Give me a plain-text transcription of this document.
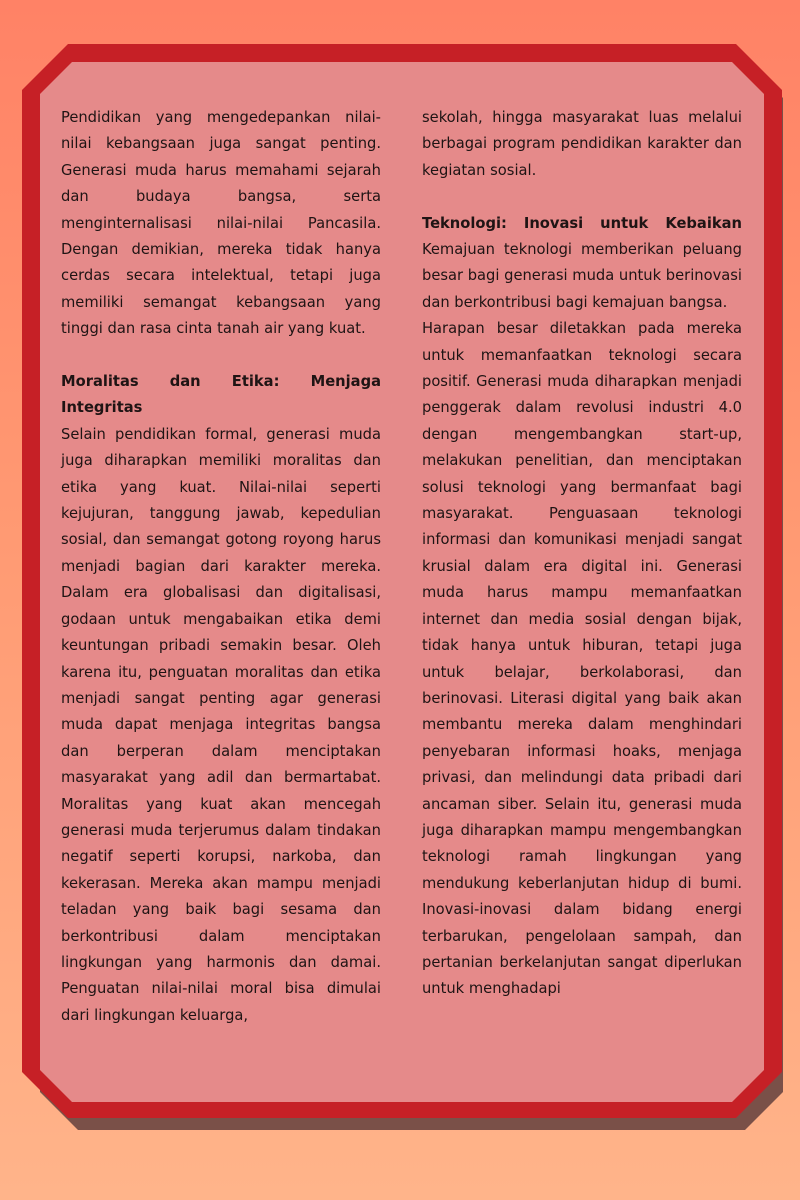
Pendidikan yang mengedepankan nilai-nilai kebangsaan juga sangat penting. Generasi muda harus memahami sejarah dan budaya bangsa, serta menginternalisasi nilai-nilai Pancasila. Dengan demikian, mereka tidak hanya cerdas secara intelektual, tetapi juga memiliki semangat kebangsaan yang tinggi dan rasa cinta tanah air yang kuat.

Moralitas dan Etika: Menjaga Integritas

Selain pendidikan formal, generasi muda juga diharapkan memiliki moralitas dan etika yang kuat. Nilai-nilai seperti kejujuran, tanggung jawab, kepedulian sosial, dan semangat gotong royong harus menjadi bagian dari karakter mereka. Dalam era globalisasi dan digitalisasi, godaan untuk mengabaikan etika demi keuntungan pribadi semakin besar. Oleh karena itu, penguatan moralitas dan etika menjadi sangat penting agar generasi muda dapat menjaga integritas bangsa dan berperan dalam menciptakan masyarakat yang adil dan bermartabat. Moralitas yang kuat akan mencegah generasi muda terjerumus dalam tindakan negatif seperti korupsi, narkoba, dan kekerasan. Mereka akan mampu menjadi teladan yang baik bagi sesama dan berkontribusi dalam menciptakan lingkungan yang harmonis dan damai. Penguatan nilai-nilai moral bisa dimulai dari lingkungan keluarga,

sekolah, hingga masyarakat luas melalui berbagai program pendidikan karakter dan kegiatan sosial.

Teknologi: Inovasi untuk Kebaikan

Kemajuan teknologi memberikan peluang besar bagi generasi muda untuk berinovasi dan berkontribusi bagi kemajuan bangsa.

Harapan besar diletakkan pada mereka untuk memanfaatkan teknologi secara positif. Generasi muda diharapkan menjadi penggerak dalam revolusi industri 4.0 dengan mengembangkan start-up, melakukan penelitian, dan menciptakan solusi teknologi yang bermanfaat bagi masyarakat. Penguasaan teknologi informasi dan komunikasi menjadi sangat krusial dalam era digital ini. Generasi muda harus mampu memanfaatkan internet dan media sosial dengan bijak, tidak hanya untuk hiburan, tetapi juga untuk belajar, berkolaborasi, dan berinovasi. Literasi digital yang baik akan membantu mereka dalam menghindari penyebaran informasi hoaks, menjaga privasi, dan melindungi data pribadi dari ancaman siber. Selain itu, generasi muda juga diharapkan mampu mengembangkan teknologi ramah lingkungan yang mendukung keberlanjutan hidup di bumi. Inovasi-inovasi dalam bidang energi terbarukan, pengelolaan sampah, dan pertanian berkelanjutan sangat diperlukan untuk menghadapi
